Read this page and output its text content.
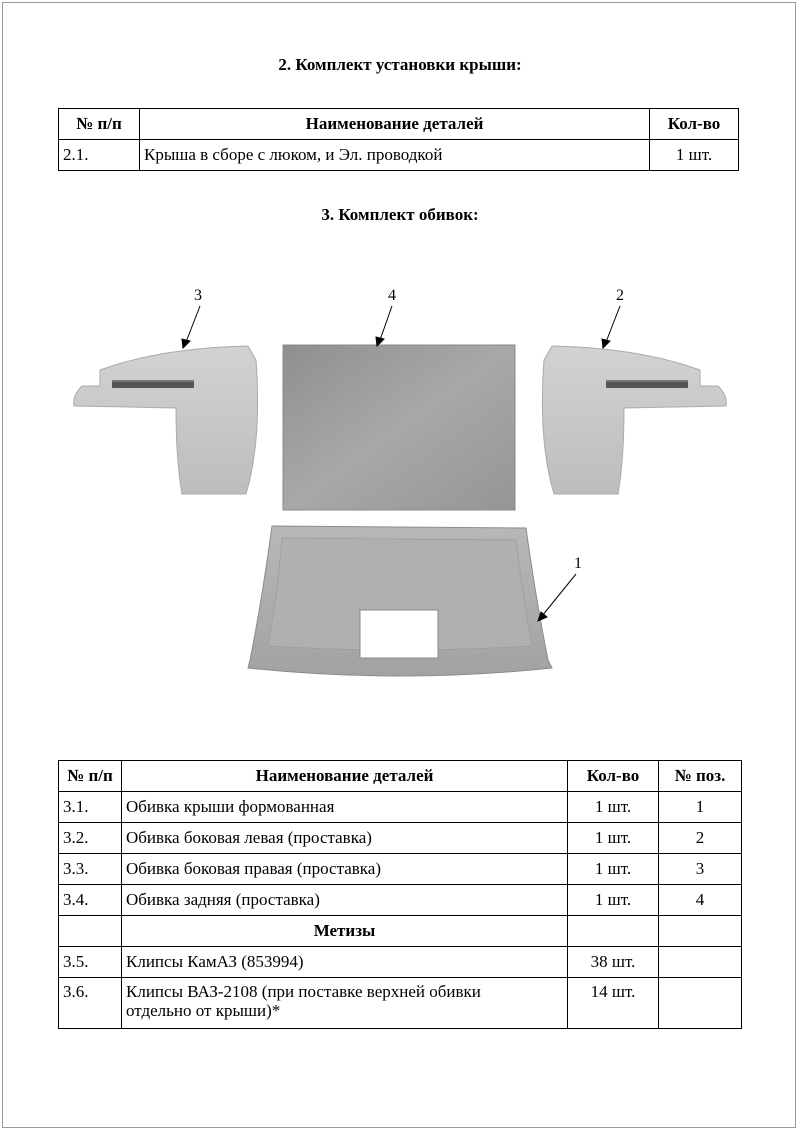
2. Комплект установки крыши:
№ п/п	Наименование деталей	Кол-во
2.1.	Крыша в сборе с люком, и Эл. проводкой	1 шт.
3. Комплект обивок:
3	4	2
1
№ п/п	Наименование деталей	Кол-во	№ поз.
3.1.	Обивка крыши формованная	1 шт.	1
3.2.	Обивка боковая левая (проставка)	1 шт.	2
3.3.	Обивка боковая правая (проставка)	1 шт.	3
3.4.	Обивка задняя (проставка)	1 шт.	4
	Метизы		
3.5.	Клипсы КамАЗ (853994)	38 шт.	
3.6.	Клипсы ВАЗ-2108 (при поставке верхней обивки
отдельно от крыши)*	14 шт.	
